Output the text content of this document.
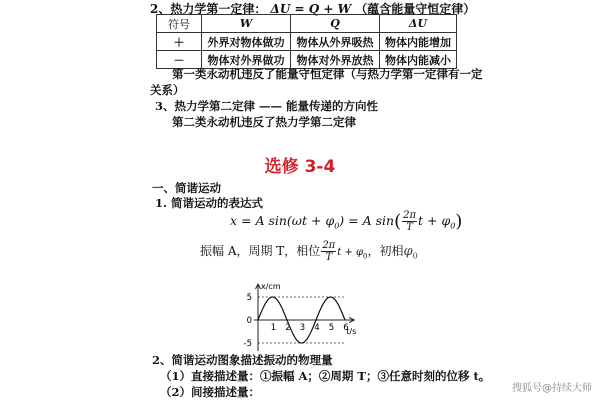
2、热力学第一定律： ΔU = Q + W （蕴含能量守恒定律）
符号	W	Q	ΔU
＋	外界对物体做功	物体从外界吸热	物体内能增加
－	物体对外界做功	物体对外界放热	物体内能减小
第一类永动机违反了能量守恒定律（与热力学第一定律有一定
关系）
3、热力学第二定律 —— 能量传递的方向性
第二类永动机违反了热力学第二定律
选修 3-4
一、简谐运动
1. 简谐运动的表达式
x = A $\sin(\omega t + \varphi_0) = A$ $\sin( \frac{2\pi}{T}$ $t + \varphi_0$)
振幅 A，周期 T，相位 $\frac{2\pi}{T}$ $t + \varphi_0$，初相$\varphi_0$
x/cm
t/s
5
0
-5
1 2 3 4 5 6
2、简谐运动图象描述振动的物理量
（1）直接描述量：①振幅 A；②周期 T；③任意时刻的位移 t。
（2）间接描述量：	搜狐号@持续大师
